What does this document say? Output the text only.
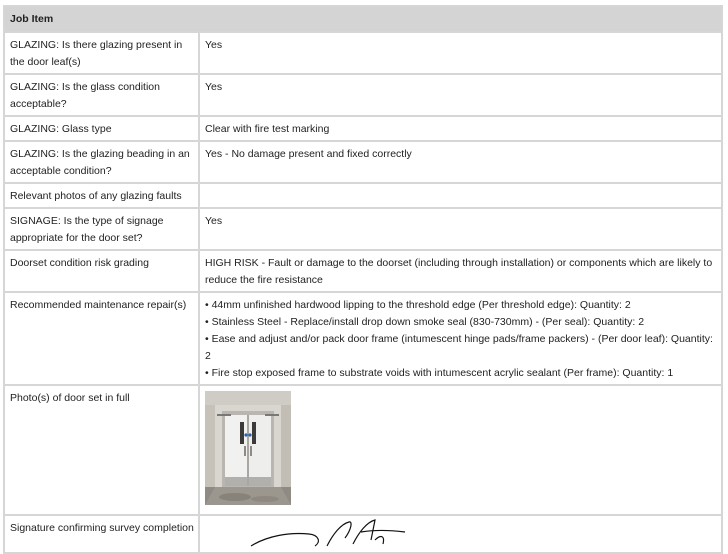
Job Item	
GLAZING: Is there glazing present in the door leaf(s)	Yes
GLAZING: Is the glass condition acceptable?	Yes
GLAZING: Glass type	Clear with fire test marking
GLAZING: Is the glazing beading in an acceptable condition?	Yes - No damage present and fixed correctly
Relevant photos of any glazing faults	
SIGNAGE: Is the type of signage appropriate for the door set?	Yes
Doorset condition risk grading	HIGH RISK - Fault or damage to the doorset (including through installation) or components which are likely to reduce the fire resistance
Recommended maintenance repair(s)	• 44mm unfinished hardwood lipping to the threshold edge (Per threshold edge): Quantity: 2
• Stainless Steel - Replace/install drop down smoke seal (830-730mm) - (Per seal): Quantity: 2
• Ease and adjust and/or pack door frame (intumescent hinge pads/frame packers) - (Per door leaf): Quantity: 2
• Fire stop exposed frame to substrate voids with intumescent acrylic sealant (Per frame): Quantity: 1

Photo(s) of door set in full	
Signature confirming survey completion	
